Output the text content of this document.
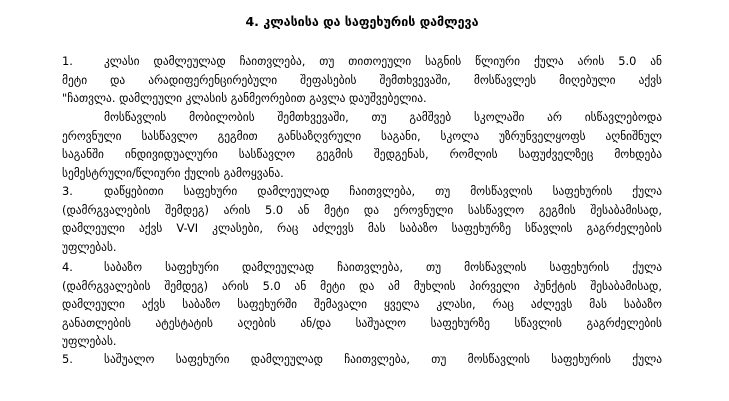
4. კლასისა და საფეხურის დამლევა
1.	კლასი დამლეულად ჩაითვლება, თუ თითოეული საგნის წლიური ქულა არის 5.0 ან
მეტი და არადიფერენცირებული შეფასების შემთხვევაში, მოსწავლეს მიღებული აქვს
"ჩათვლა. დამლეული კლასის განმეორებით გავლა დაუშვებელია.
მოსწავლის მობილობის შემთხვევაში, თუ გამშვებ სკოლაში არ ისწავლებოდა
ეროვნული სასწავლო გეგმით განსაზღვრული საგანი, სკოლა უზრუნველყოფს აღნიშნულ
საგანში ინდივიდუალური სასწავლო გეგმის შედგენას, რომლის საფუძველზეც მოხდება
სემესტრული/წლიური ქულის გამოყვანა.
3.	დაწყებითი საფეხური დამლეულად ჩაითვლება, თუ მოსწავლის საფეხურის ქულა
(დამრგვალების შემდეგ) არის 5.0 ან მეტი და ეროვნული სასწავლო გეგმის შესაბამისად,
დამლეული აქვს V-VI კლასები, რაც აძლევს მას საბაზო საფეხურზე სწავლის გაგრძელების
უფლებას.
4.	საბაზო საფეხური დამლეულად ჩაითვლება, თუ მოსწავლის საფეხურის ქულა
(დამრგვალების შემდეგ) არის 5.0 ან მეტი და ამ მუხლის პირველი პუნქტის შესაბამისად,
დამლეული აქვს საბაზო საფეხურში შემავალი ყველა კლასი, რაც აძლევს მას საბაზო
განათლების ატესტატის აღების ან/და საშუალო საფეხურზე სწავლის გაგრძელების
უფლებას.
5.	საშუალო საფეხური დამლეულად ჩაითვლება, თუ მოსწავლის საფეხურის ქულა
